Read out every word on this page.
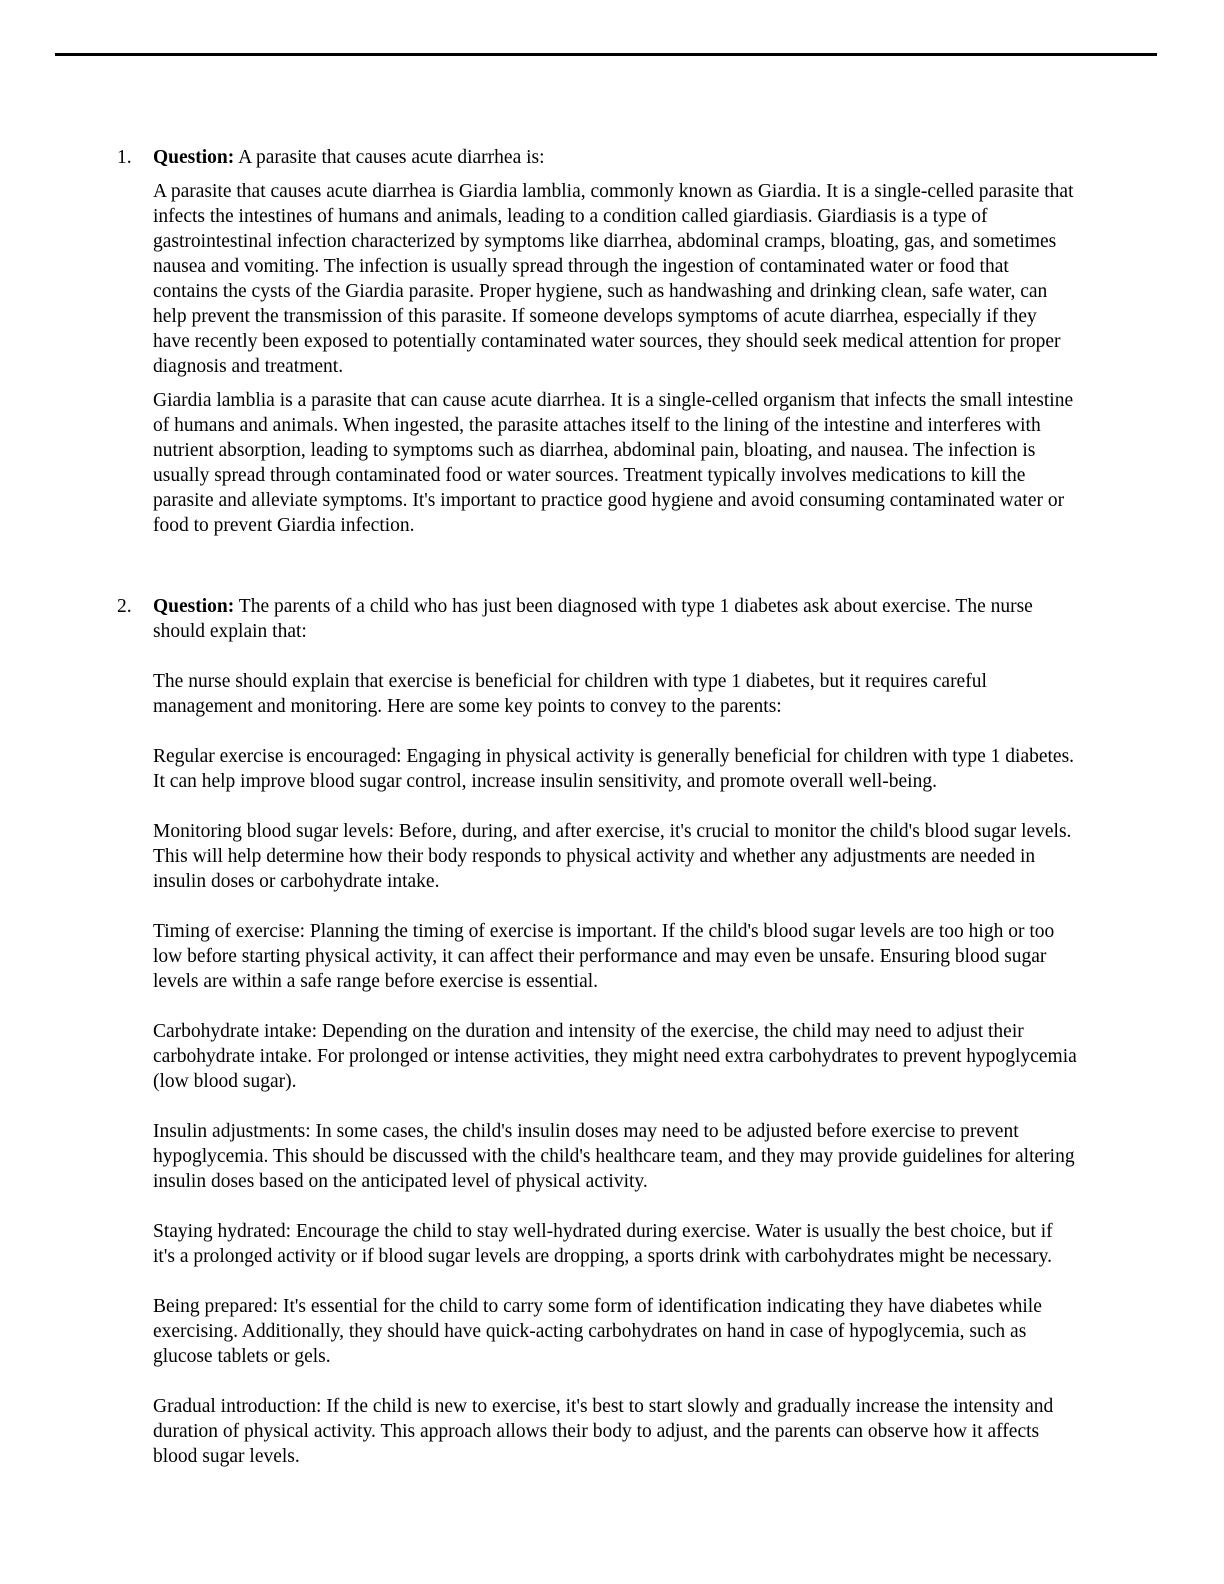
1. Question: A parasite that causes acute diarrhea is:

A parasite that causes acute diarrhea is Giardia lamblia, commonly known as Giardia. It is a single-celled parasite that infects the intestines of humans and animals, leading to a condition called giardiasis. Giardiasis is a type of gastrointestinal infection characterized by symptoms like diarrhea, abdominal cramps, bloating, gas, and sometimes nausea and vomiting. The infection is usually spread through the ingestion of contaminated water or food that contains the cysts of the Giardia parasite. Proper hygiene, such as handwashing and drinking clean, safe water, can help prevent the transmission of this parasite. If someone develops symptoms of acute diarrhea, especially if they have recently been exposed to potentially contaminated water sources, they should seek medical attention for proper diagnosis and treatment.

Giardia lamblia is a parasite that can cause acute diarrhea. It is a single-celled organism that infects the small intestine of humans and animals. When ingested, the parasite attaches itself to the lining of the intestine and interferes with nutrient absorption, leading to symptoms such as diarrhea, abdominal pain, bloating, and nausea. The infection is usually spread through contaminated food or water sources. Treatment typically involves medications to kill the parasite and alleviate symptoms. It's important to practice good hygiene and avoid consuming contaminated water or food to prevent Giardia infection.

2. Question: The parents of a child who has just been diagnosed with type 1 diabetes ask about exercise. The nurse should explain that:

The nurse should explain that exercise is beneficial for children with type 1 diabetes, but it requires careful management and monitoring. Here are some key points to convey to the parents:

Regular exercise is encouraged: Engaging in physical activity is generally beneficial for children with type 1 diabetes. It can help improve blood sugar control, increase insulin sensitivity, and promote overall well-being.

Monitoring blood sugar levels: Before, during, and after exercise, it's crucial to monitor the child's blood sugar levels. This will help determine how their body responds to physical activity and whether any adjustments are needed in insulin doses or carbohydrate intake.

Timing of exercise: Planning the timing of exercise is important. If the child's blood sugar levels are too high or too low before starting physical activity, it can affect their performance and may even be unsafe. Ensuring blood sugar levels are within a safe range before exercise is essential.

Carbohydrate intake: Depending on the duration and intensity of the exercise, the child may need to adjust their carbohydrate intake. For prolonged or intense activities, they might need extra carbohydrates to prevent hypoglycemia (low blood sugar).

Insulin adjustments: In some cases, the child's insulin doses may need to be adjusted before exercise to prevent hypoglycemia. This should be discussed with the child's healthcare team, and they may provide guidelines for altering insulin doses based on the anticipated level of physical activity.

Staying hydrated: Encourage the child to stay well-hydrated during exercise. Water is usually the best choice, but if it's a prolonged activity or if blood sugar levels are dropping, a sports drink with carbohydrates might be necessary.

Being prepared: It's essential for the child to carry some form of identification indicating they have diabetes while exercising. Additionally, they should have quick-acting carbohydrates on hand in case of hypoglycemia, such as glucose tablets or gels.

Gradual introduction: If the child is new to exercise, it's best to start slowly and gradually increase the intensity and duration of physical activity. This approach allows their body to adjust, and the parents can observe how it affects blood sugar levels.
